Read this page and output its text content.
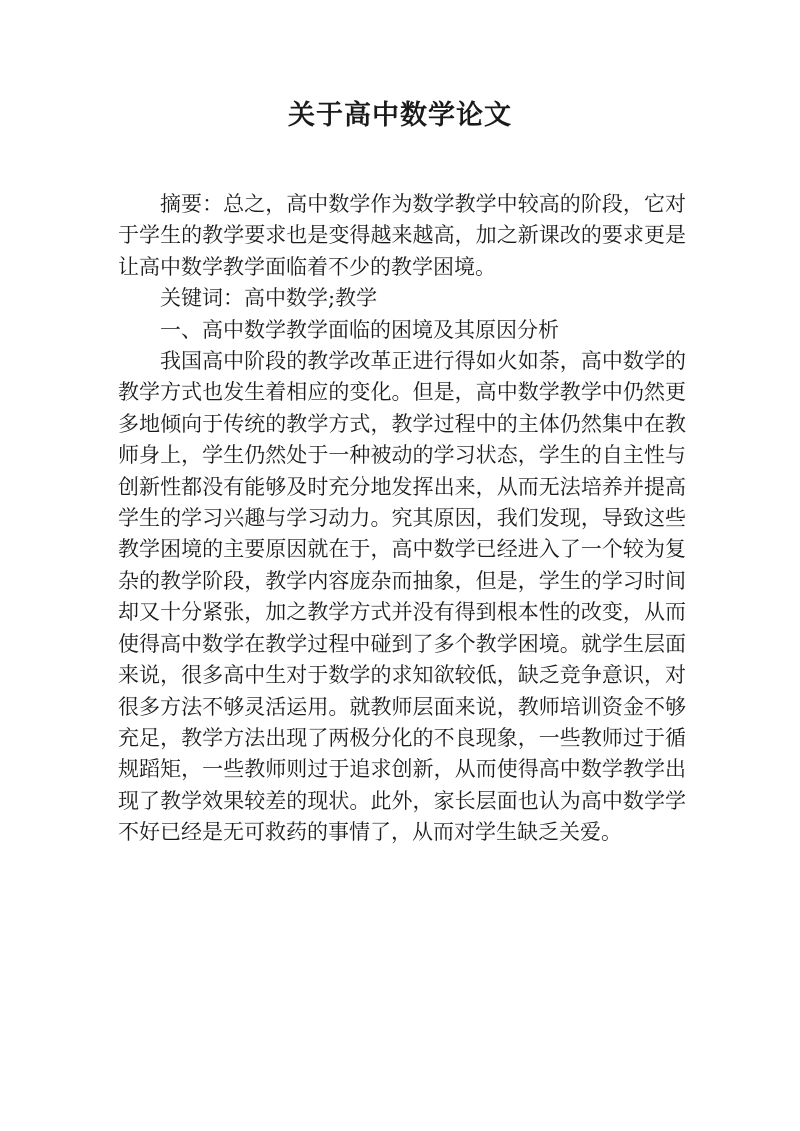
关于高中数学论文

摘要：总之，高中数学作为数学教学中较高的阶段，它对于学生的教学要求也是变得越来越高，加之新课改的要求更是让高中数学教学面临着不少的教学困境。

关键词：高中数学;教学

一、高中数学教学面临的困境及其原因分析

我国高中阶段的教学改革正进行得如火如荼，高中数学的教学方式也发生着相应的变化。但是，高中数学教学中仍然更多地倾向于传统的教学方式，教学过程中的主体仍然集中在教师身上，学生仍然处于一种被动的学习状态，学生的自主性与创新性都没有能够及时充分地发挥出来，从而无法培养并提高学生的学习兴趣与学习动力。究其原因，我们发现，导致这些教学困境的主要原因就在于，高中数学已经进入了一个较为复杂的教学阶段，教学内容庞杂而抽象，但是，学生的学习时间却又十分紧张，加之教学方式并没有得到根本性的改变，从而使得高中数学在教学过程中碰到了多个教学困境。就学生层面来说，很多高中生对于数学的求知欲较低，缺乏竞争意识，对很多方法不够灵活运用。就教师层面来说，教师培训资金不够充足，教学方法出现了两极分化的不良现象，一些教师过于循规蹈矩，一些教师则过于追求创新，从而使得高中数学教学出现了教学效果较差的现状。此外，家长层面也认为高中数学学不好已经是无可救药的事情了，从而对学生缺乏关爱。
